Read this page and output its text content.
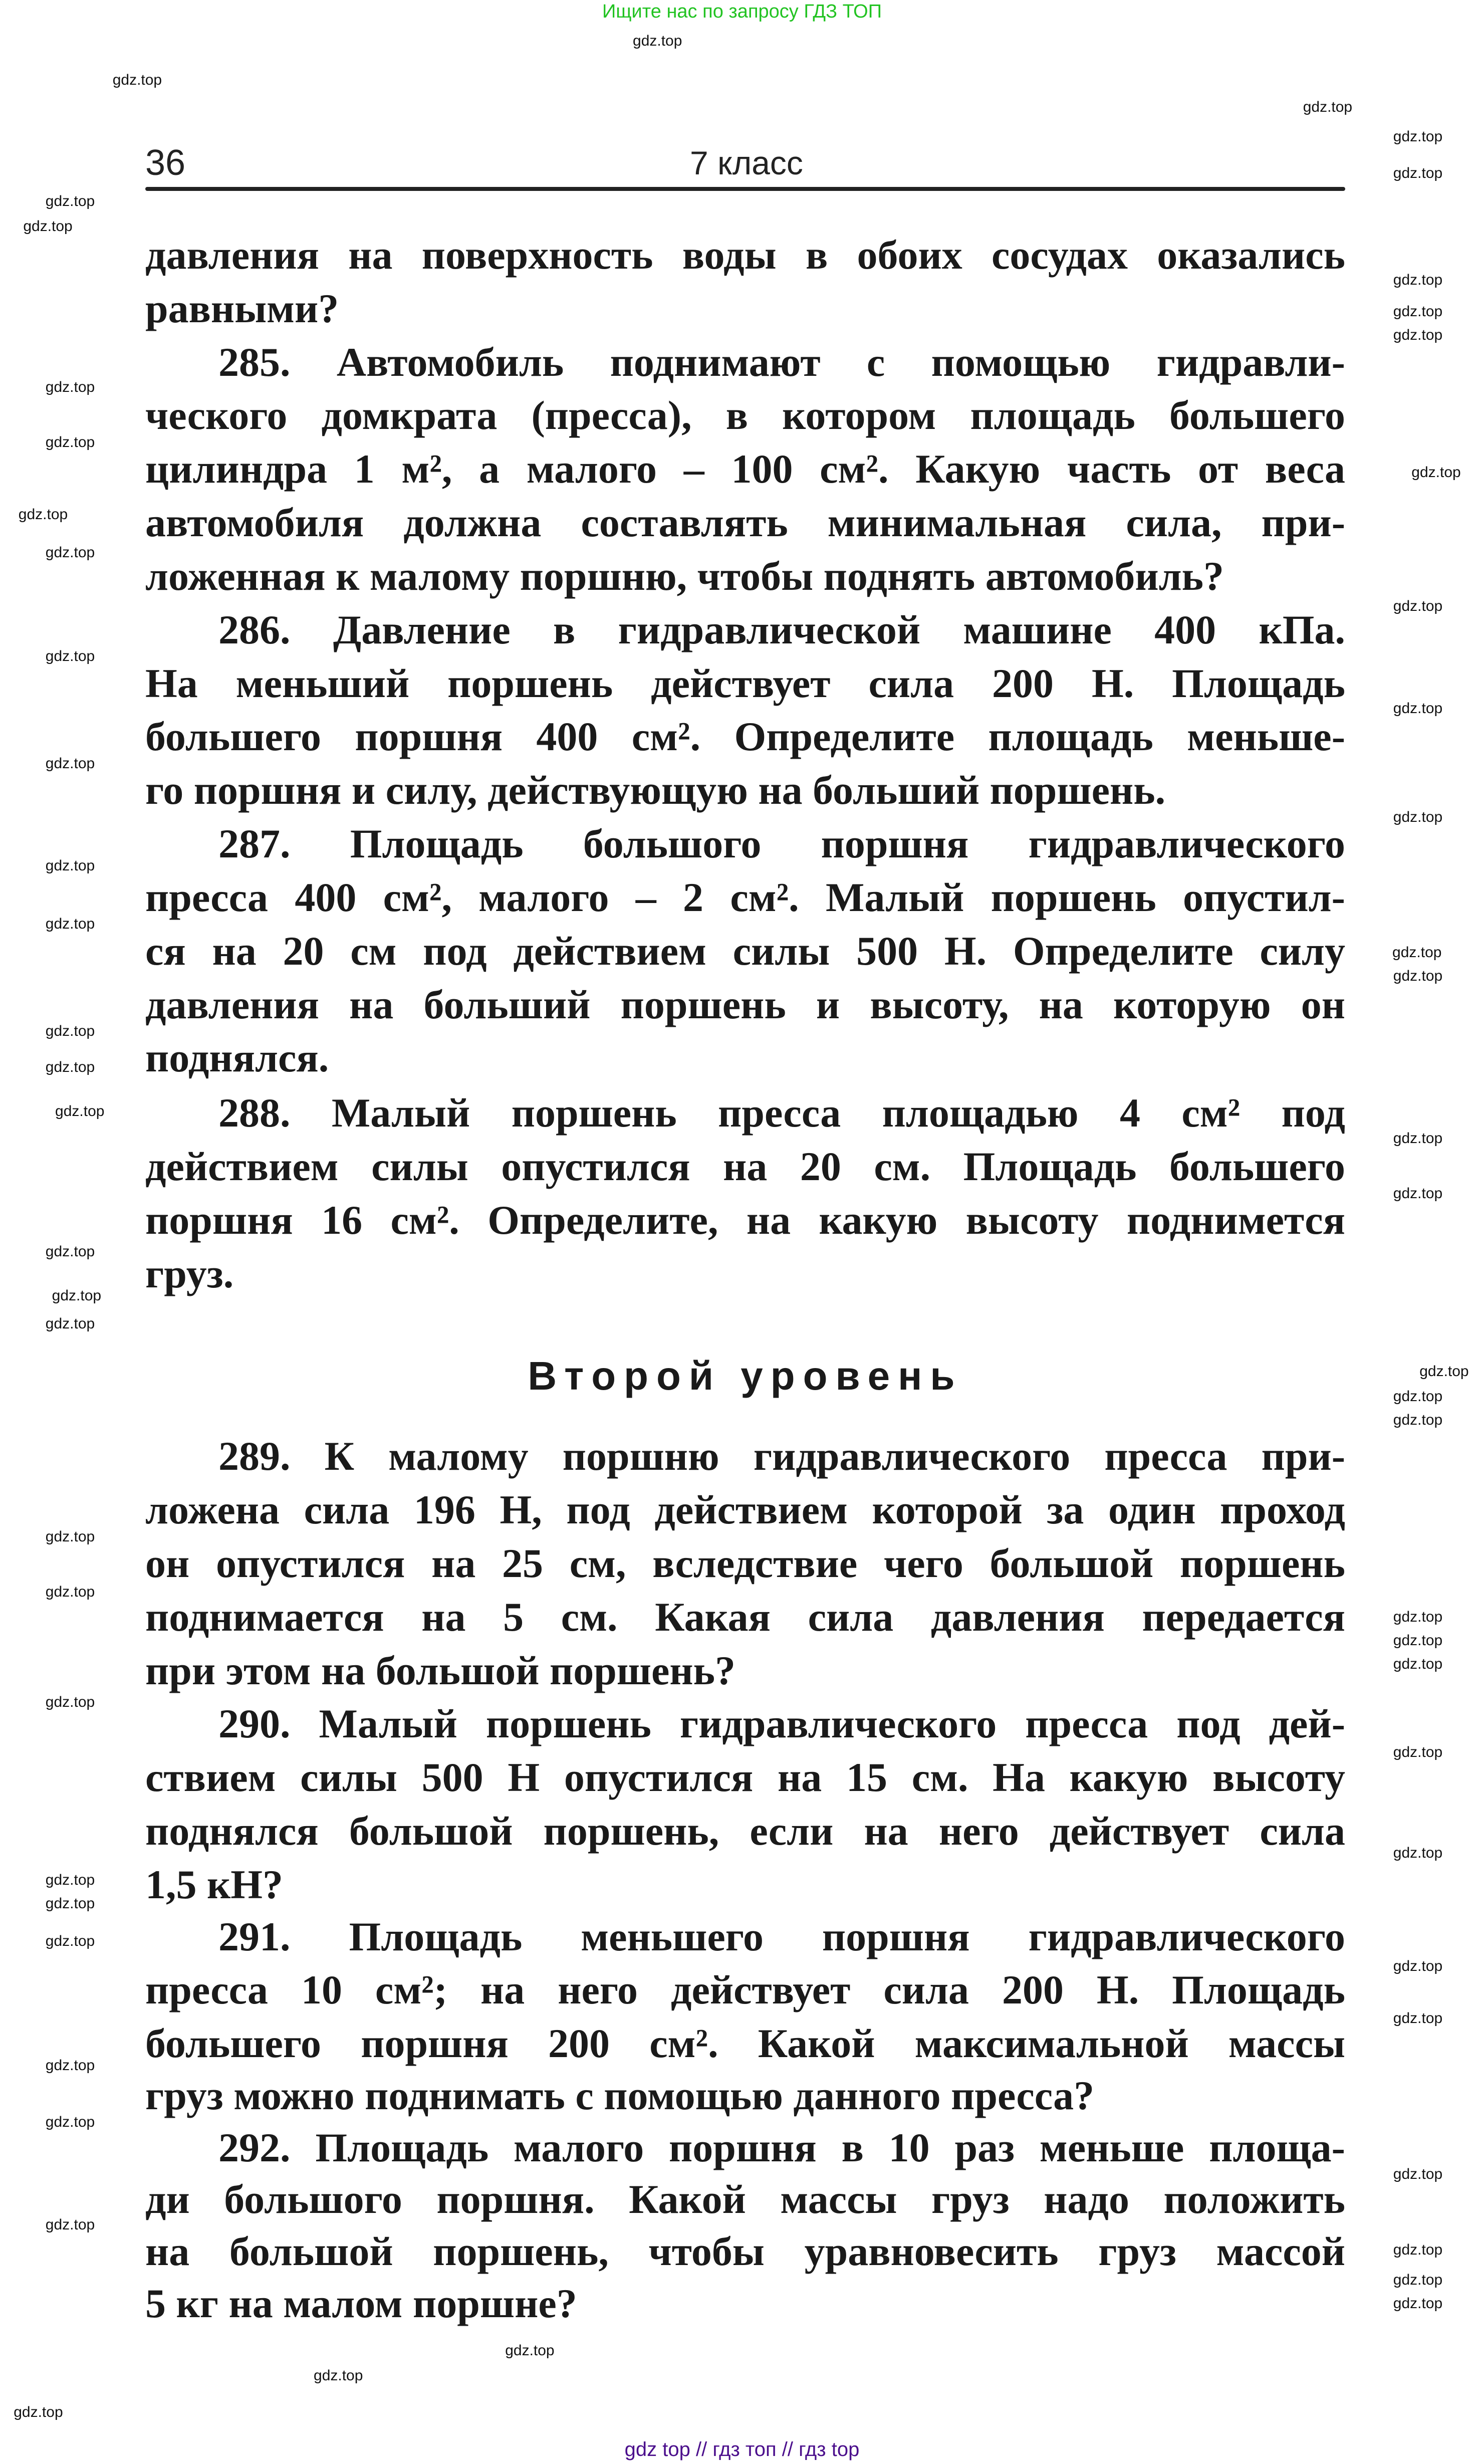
Ищите нас по запросу ГДЗ ТОП
36	7 класс
Второй уровень
давления на поверхность воды в обоих сосудах оказались
равными?
285. Автомобиль поднимают с помощью гидравли-
ческого домкрата (пресса), в котором площадь большего
цилиндра 1 м², а малого – 100 см². Какую часть от веса
автомобиля должна составлять минимальная сила, при-
ложенная к малому поршню, чтобы поднять автомобиль?
286. Давление в гидравлической машине 400 кПа.
На меньший поршень действует сила 200 Н. Площадь
большего поршня 400 см². Определите площадь меньше-
го поршня и силу, действующую на больший поршень.
287. Площадь большого поршня гидравлического
пресса 400 см², малого – 2 см². Малый поршень опустил-
ся на 20 см под действием силы 500 Н. Определите силу
давления на больший поршень и высоту, на которую он
поднялся.
288. Малый поршень пресса площадью 4 см² под
действием силы опустился на 20 см. Площадь большего
поршня 16 см². Определите, на какую высоту поднимется
груз.
289. К малому поршню гидравлического пресса при-
ложена сила 196 Н, под действием которой за один проход
он опустился на 25 см, вследствие чего большой поршень
поднимается на 5 см. Какая сила давления передается
при этом на большой поршень?
290. Малый поршень гидравлического пресса под дей-
ствием силы 500 Н опустился на 15 см. На какую высоту
поднялся большой поршень, если на него действует сила
1,5 кН?
291. Площадь меньшего поршня гидравлического
пресса 10 см²; на него действует сила 200 Н. Площадь
большего поршня 200 см². Какой максимальной массы
груз можно поднимать с помощью данного пресса?
292. Площадь малого поршня в 10 раз меньше площа-
ди большого поршня. Какой массы груз надо положить
на большой поршень, чтобы уравновесить груз массой
5 кг на малом поршне?
gdz.top
gdz.top
gdz.top
gdz.top
gdz.top
gdz.top
gdz.top
gdz.top
gdz.top
gdz.top
gdz.top
gdz.top
gdz.top
gdz.top
gdz.top
gdz.top
gdz.top
gdz.top
gdz.top
gdz.top
gdz.top
gdz.top
gdz.top
gdz.top
gdz.top
gdz.top
gdz.top
gdz.top
gdz.top
gdz.top
gdz.top
gdz.top
gdz.top
gdz.top
gdz.top
gdz.top
gdz.top
gdz.top
gdz.top
gdz.top
gdz.top
gdz.top
gdz.top
gdz.top
gdz.top
gdz.top
gdz.top
gdz.top
gdz.top
gdz.top
gdz.top
gdz.top
gdz.top
gdz.top
gdz.top
gdz.top
gdz.top
gdz.top
gdz top // гдз топ // гдз top
